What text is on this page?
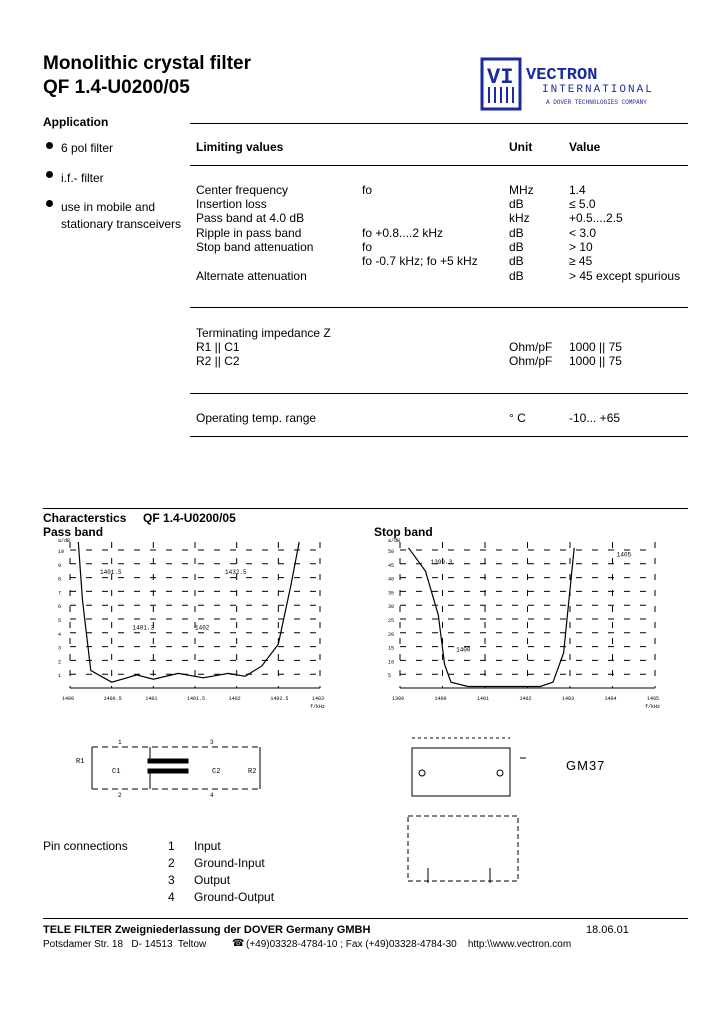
Monolithic crystal filter
QF 1.4-U0200/05	VI VECTRON
INTERNATIONAL
A DOVER TECHNOLOGIES COMPANY
Application
6 pol filter
i.f.- filter
use in mobile and
stationary transceivers
Limiting values	Unit	Value
Center frequency	fo	MHz	1.4
Insertion loss	dB	≤ 5.0
Pass band at 4.0 dB	kHz	+0.5....2.5
Ripple in pass band	fo +0.8....2 kHz	dB	< 3.0
Stop band attenuation	fo	dB	> 10
fo -0.7 kHz; fo +5 kHz	dB	≥ 45
Alternate attenuation	dB	> 45 except spurious
Terminating impedance Z
R1 || C1	Ohm/pF 1000 || 75
R2 || C2	Ohm/pF 1000 || 75
Operating temp. range	° C	-10... +65
Characterstics     QF 1.4-U0200/05
Pass band	Stop band
10
9
8
7
6
5
4
3
2
1
1400	1400.5	1401	1401.5	1402	1402.5	1403
a/dB
f/kHz
1401.5	1432.5
1401.3	1402
50
45
40
35
30
25
20
15
10
5
1399	1400	1401	1402	1403	1404	1405
a/dB
f/kHz
1399.3
1405
1400
R1
C1	C2	R2
1
2
3
4
GM37
Pin connections	1 Input
2 Ground-Input
3 Output
4 Ground-Output
TELE FILTER Zweigniederlassung der DOVER Germany GMBH	18.06.01
Potsdamer Str. 18   D- 14513  Teltow	☎ (+49)03328-4784-10 ; Fax (+49)03328-4784-30    http:\\www.vectron.com
